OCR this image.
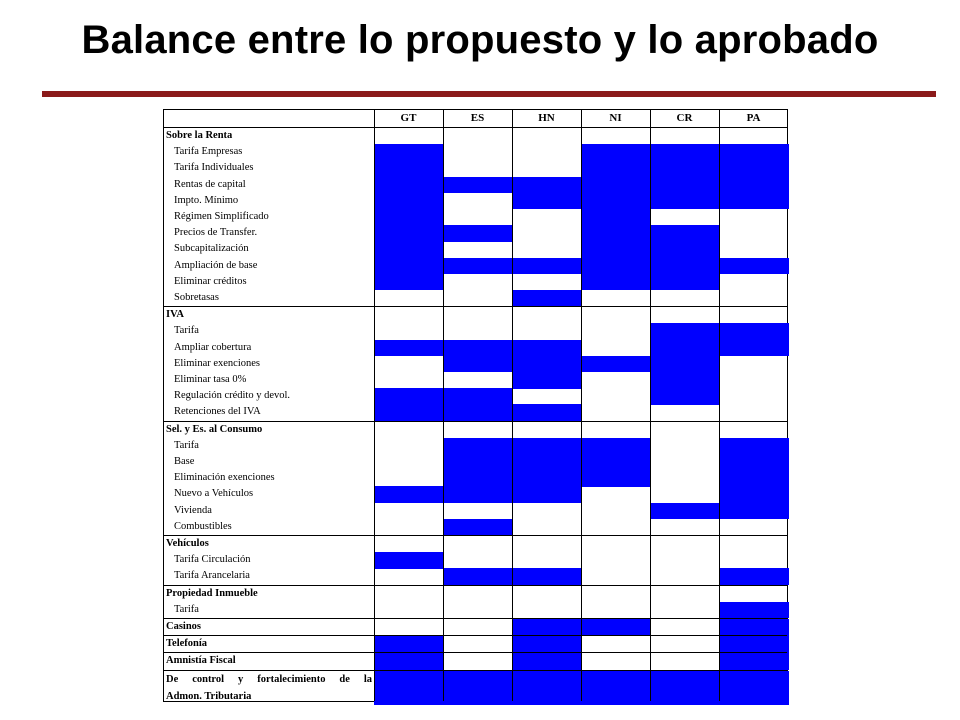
Balance entre lo propuesto y lo aprobado
GT	ES	HN	NI	CR	PA
Sobre la Renta
Tarifa Empresas
Tarifa Individuales
Rentas de capital
Impto. Mínimo
Régimen Simplificado
Precios de Transfer.
Subcapitalización
Ampliación de base
Eliminar créditos
Sobretasas
IVA
Tarifa
Ampliar cobertura
Eliminar exenciones
Eliminar tasa 0%
Regulación crédito y devol.
Retenciones del IVA
Sel. y Es. al Consumo
Tarifa
Base
Eliminación exenciones
Nuevo a Vehículos
Vivienda
Combustibles
Vehículos
Tarifa Circulación
Tarifa Arancelaria
Propiedad Inmueble
Tarifa
Casinos
Telefonía
Amnistía Fiscal
De control y fortalecimiento de la
Admon. Tributaria
